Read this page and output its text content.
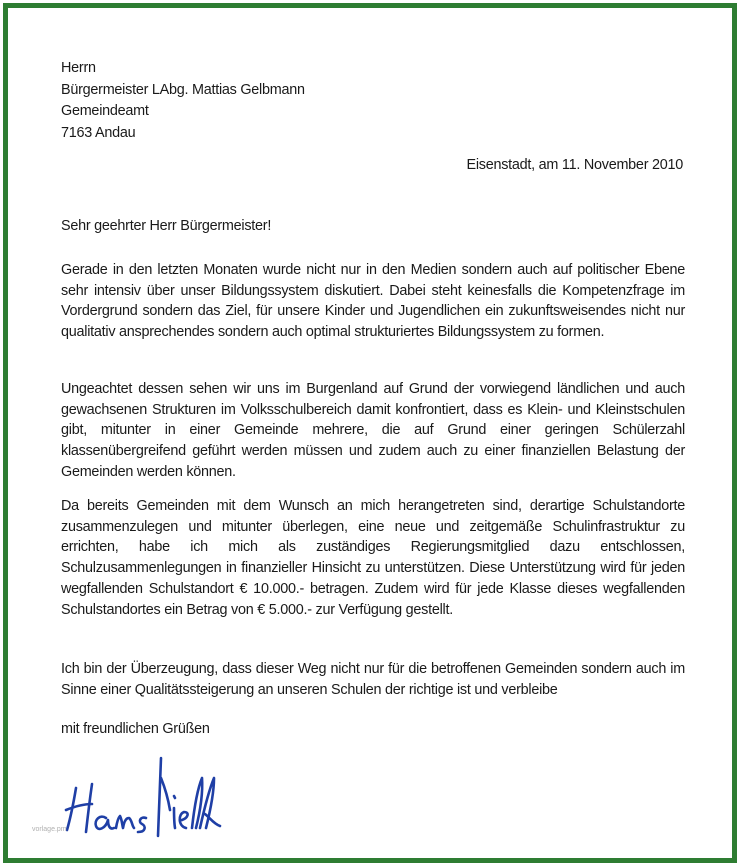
Herrn
Bürgermeister LAbg. Mattias Gelbmann
Gemeindeamt
7163 Andau
Eisenstadt, am 11. November 2010
Sehr geehrter Herr Bürgermeister!

Gerade in den letzten Monaten wurde nicht nur in den Medien sondern auch auf politischer Ebene sehr intensiv über unser Bildungssystem diskutiert. Dabei steht keinesfalls die Kompetenzfrage im Vordergrund sondern das Ziel, für unsere Kinder und Jugendlichen ein zukunftsweisendes nicht nur qualitativ ansprechendes sondern auch optimal strukturiertes Bildungssystem zu formen.

Ungeachtet dessen sehen wir uns im Burgenland auf Grund der vorwiegend ländlichen und auch gewachsenen Strukturen im Volksschulbereich damit konfrontiert, dass es Klein- und Kleinstschulen gibt, mitunter in einer Gemeinde mehrere, die auf Grund einer geringen Schülerzahl klassenübergreifend geführt werden müssen und zudem auch zu einer finanziellen Belastung der Gemeinden werden können.

Da bereits Gemeinden mit dem Wunsch an mich herangetreten sind, derartige Schulstandorte zusammenzulegen und mitunter überlegen, eine neue und zeitgemäße Schulinfrastruktur zu errichten, habe ich mich als zuständiges Regierungsmitglied dazu entschlossen, Schulzusammenlegungen in finanzieller Hinsicht zu unterstützen. Diese Unterstützung wird für jeden wegfallenden Schulstandort € 10.000.- betragen. Zudem wird für jede Klasse dieses wegfallenden Schulstandortes ein Betrag von € 5.000.- zur Verfügung gestellt.

Ich bin der Überzeugung, dass dieser Weg nicht nur für die betroffenen Gemeinden sondern auch im Sinne einer Qualitätssteigerung an unseren Schulen der richtige ist und verbleibe

mit freundlichen Grüßen
vorlage.pm
